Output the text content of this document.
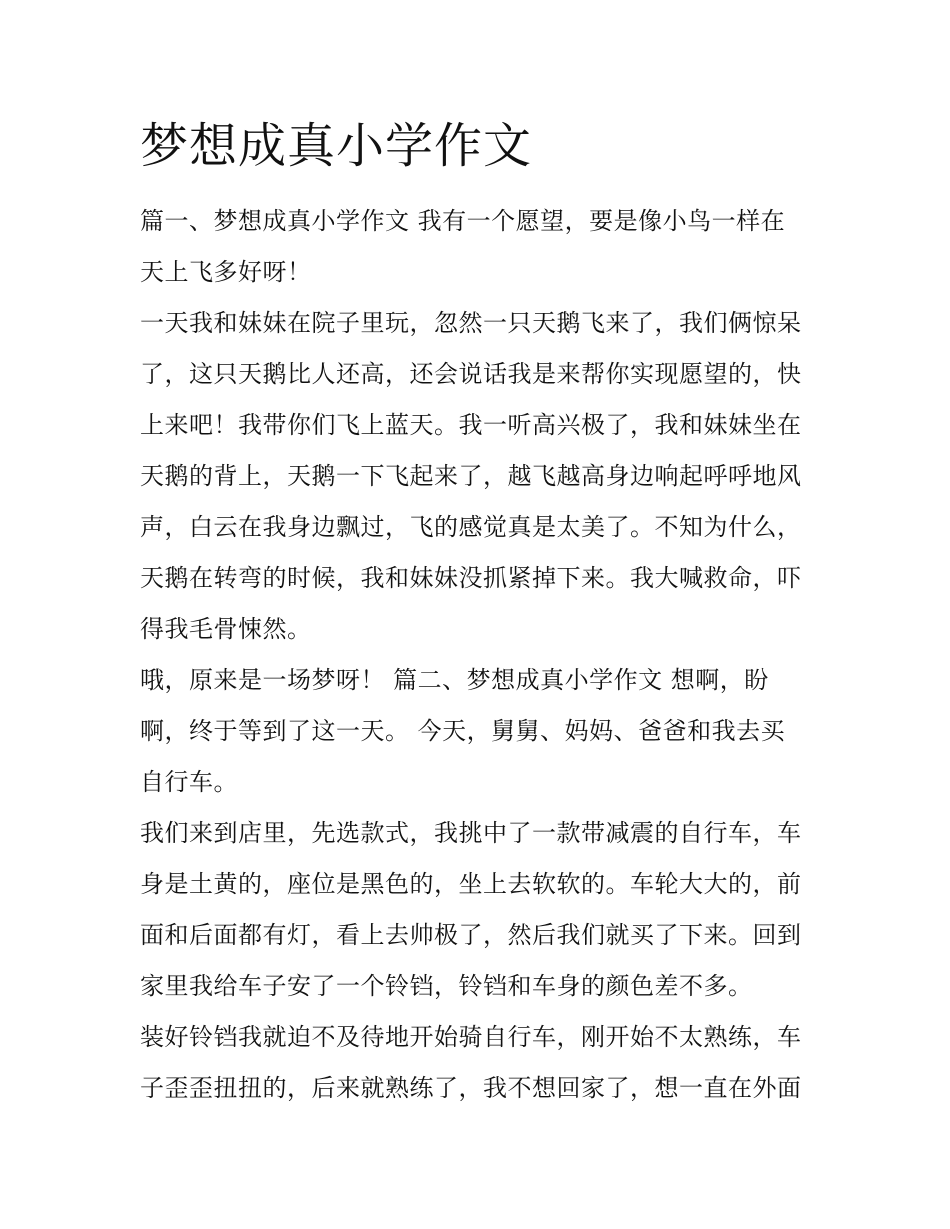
梦想成真小学作文

篇一、梦想成真小学作文 我有一个愿望，要是像小鸟一样在

天上飞多好呀！

一天我和妹妹在院子里玩，忽然一只天鹅飞来了，我们俩惊呆

了，这只天鹅比人还高，还会说话我是来帮你实现愿望的，快

上来吧！我带你们飞上蓝天。我一听高兴极了，我和妹妹坐在

天鹅的背上，天鹅一下飞起来了，越飞越高身边响起呼呼地风

声，白云在我身边飘过，飞的感觉真是太美了。不知为什么，

天鹅在转弯的时候，我和妹妹没抓紧掉下来。我大喊救命，吓

得我毛骨悚然。

哦，原来是一场梦呀！ 篇二、梦想成真小学作文 想啊，盼

啊，终于等到了这一天。 今天，舅舅、妈妈、爸爸和我去买

自行车。

我们来到店里，先选款式，我挑中了一款带减震的自行车，车

身是土黄的，座位是黑色的，坐上去软软的。车轮大大的，前

面和后面都有灯，看上去帅极了，然后我们就买了下来。回到

家里我给车子安了一个铃铛，铃铛和车身的颜色差不多。

装好铃铛我就迫不及待地开始骑自行车，刚开始不太熟练，车

子歪歪扭扭的，后来就熟练了，我不想回家了，想一直在外面
